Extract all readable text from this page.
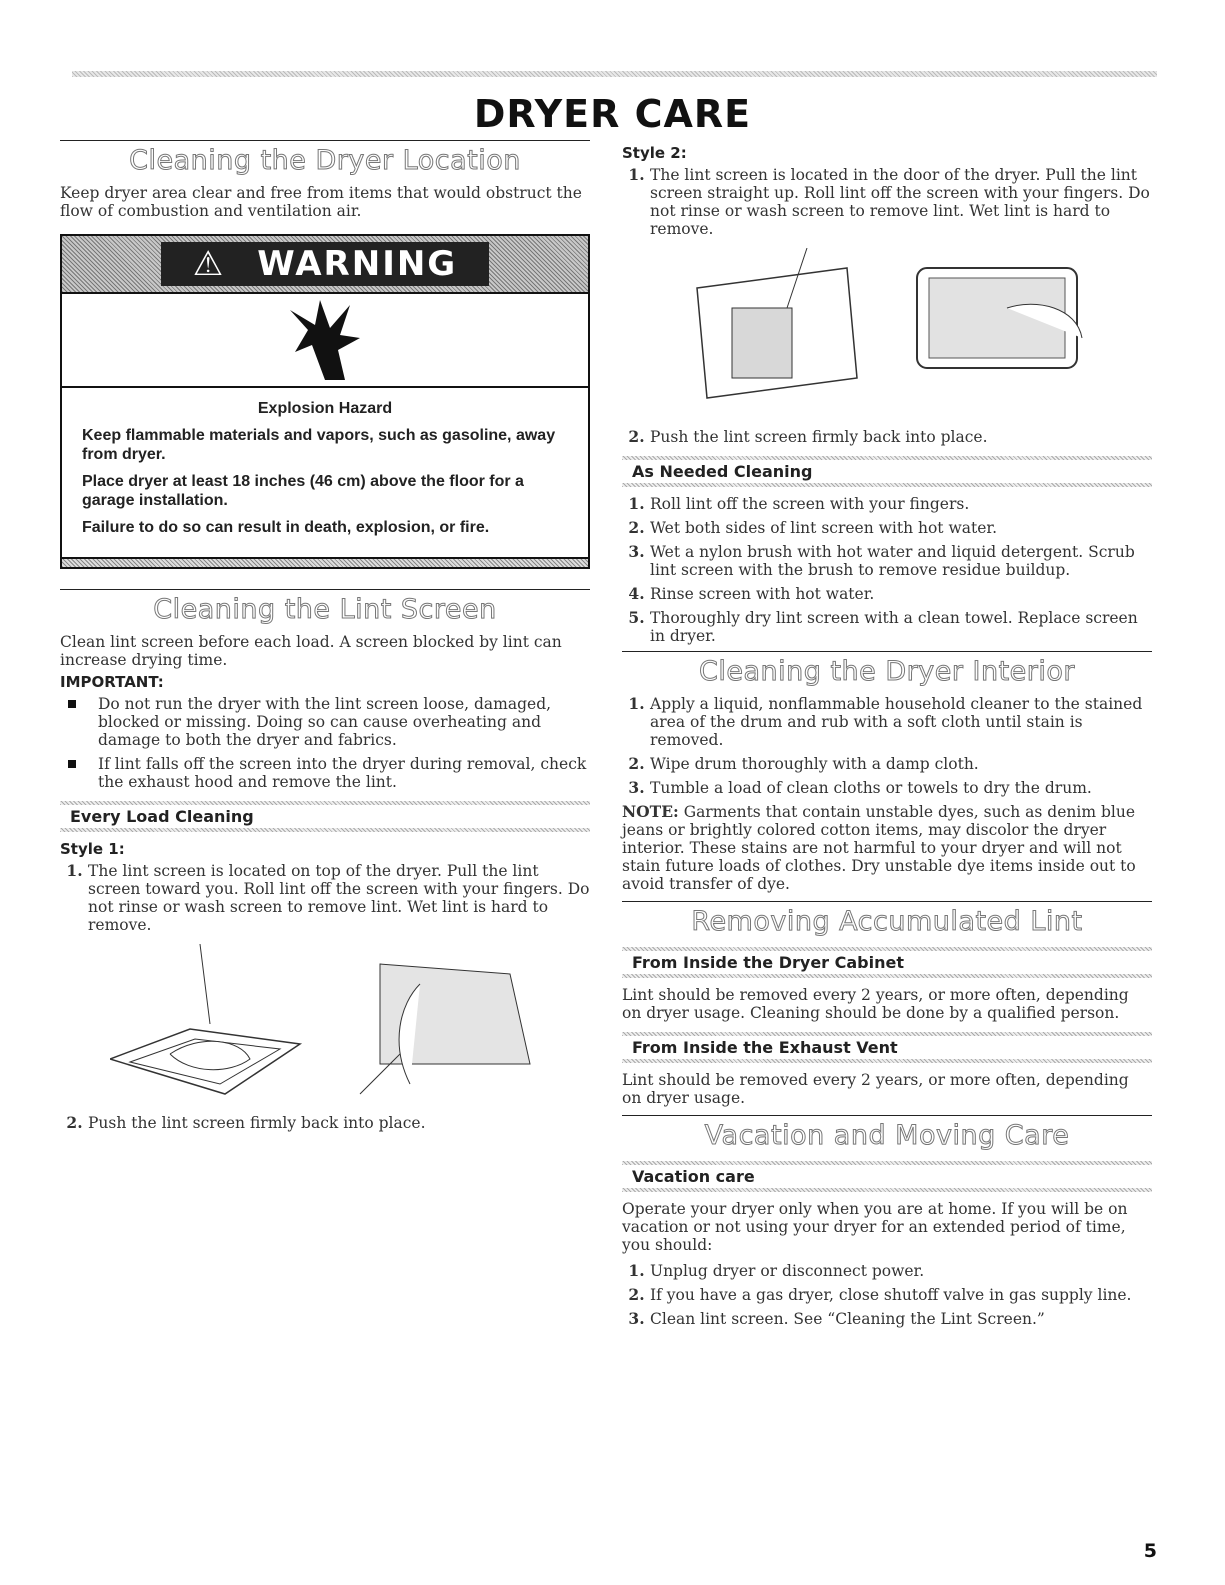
DRYER CARE
Cleaning the Dryer Location

Keep dryer area clear and free from items that would obstruct the flow of combustion and ventilation air.

⚠ WARNING
Explosion Hazard

Keep flammable materials and vapors, such as gasoline, away from dryer.

Place dryer at least 18 inches (46 cm) above the floor for a garage installation.

Failure to do so can result in death, explosion, or fire.

Cleaning the Lint Screen

Clean lint screen before each load. A screen blocked by lint can increase drying time.

IMPORTANT:
Do not run the dryer with the lint screen loose, damaged, blocked or missing. Doing so can cause overheating and damage to both the dryer and fabrics.
If lint falls off the screen into the dryer during removal, check the exhaust hood and remove the lint.
Every Load Cleaning
Style 1:
1. The lint screen is located on top of the dryer. Pull the lint screen toward you. Roll lint off the screen with your fingers. Do not rinse or wash screen to remove lint. Wet lint is hard to remove.
2. Push the lint screen firmly back into place.
Style 2:
1. The lint screen is located in the door of the dryer. Pull the lint screen straight up. Roll lint off the screen with your fingers. Do not rinse or wash screen to remove lint. Wet lint is hard to remove.
2. Push the lint screen firmly back into place.
As Needed Cleaning
1. Roll lint off the screen with your fingers.
2. Wet both sides of lint screen with hot water.
3. Wet a nylon brush with hot water and liquid detergent. Scrub lint screen with the brush to remove residue buildup.
4. Rinse screen with hot water.
5. Thoroughly dry lint screen with a clean towel. Replace screen in dryer.
Cleaning the Dryer Interior
1. Apply a liquid, nonflammable household cleaner to the stained area of the drum and rub with a soft cloth until stain is removed.
2. Wipe drum thoroughly with a damp cloth.
3. Tumble a load of clean cloths or towels to dry the drum.

NOTE: Garments that contain unstable dyes, such as denim blue jeans or brightly colored cotton items, may discolor the dryer interior. These stains are not harmful to your dryer and will not stain future loads of clothes. Dry unstable dye items inside out to avoid transfer of dye.

Removing Accumulated Lint
From Inside the Dryer Cabinet

Lint should be removed every 2 years, or more often, depending on dryer usage. Cleaning should be done by a qualified person.

From Inside the Exhaust Vent

Lint should be removed every 2 years, or more often, depending on dryer usage.

Vacation and Moving Care
Vacation care

Operate your dryer only when you are at home. If you will be on vacation or not using your dryer for an extended period of time, you should:

1. Unplug dryer or disconnect power.
2. If you have a gas dryer, close shutoff valve in gas supply line.
3. Clean lint screen. See “Cleaning the Lint Screen.”
5
